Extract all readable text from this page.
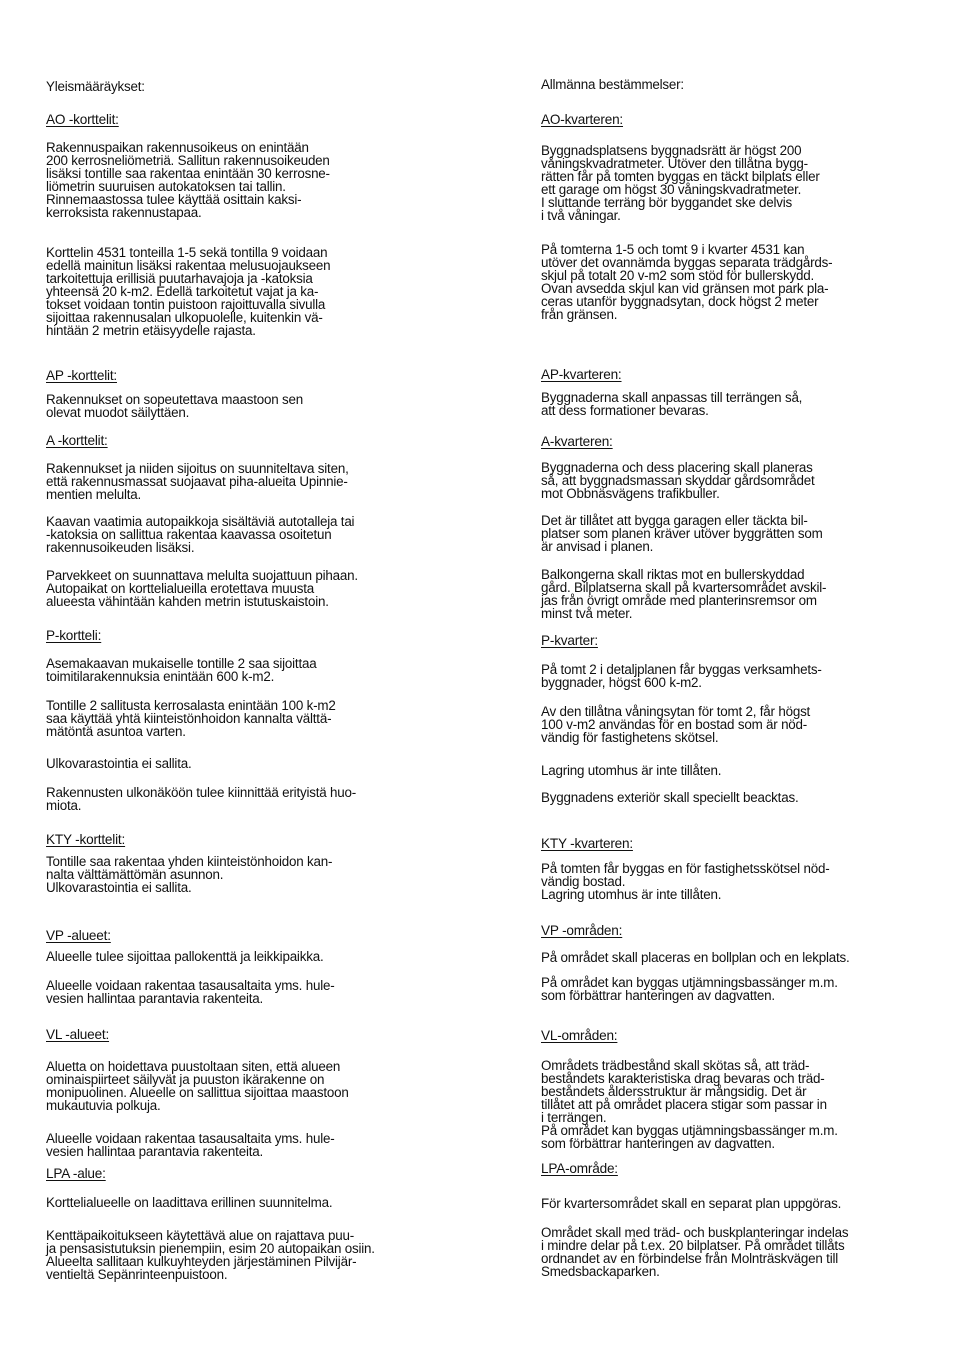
Yleismääräykset:

AO -korttelit:

Rakennuspaikan rakennusoikeus on enintään
200 kerrosneliömetriä. Sallitun rakennusoikeuden
lisäksi tontille saa rakentaa enintään 30 kerrosne-
liömetrin suuruisen autokatoksen tai tallin.
Rinnemaastossa tulee käyttää osittain kaksi-
kerroksista rakennustapaa.

Korttelin 4531 tonteilla 1-5 sekä tontilla 9 voidaan
edellä mainitun lisäksi rakentaa melusuojaukseen
tarkoitettuja erillisiä puutarhavajoja ja -katoksia
yhteensä 20 k-m2. Edellä tarkoitetut vajat ja ka-
tokset voidaan tontin puistoon rajoittuvalla sivulla
sijoittaa rakennusalan ulkopuolelle, kuitenkin vä-
hintään 2 metrin etäisyydelle rajasta.

AP -korttelit:

Rakennukset on sopeutettava maastoon sen
olevat muodot säilyttäen.

A -korttelit:

Rakennukset ja niiden sijoitus on suunniteltava siten,
että rakennusmassat suojaavat piha-alueita Upinnie-
mentien melulta.

Kaavan vaatimia autopaikkoja sisältäviä autotalleja tai
-katoksia on sallittua rakentaa kaavassa osoitetun
rakennusoikeuden lisäksi.

Parvekkeet on suunnattava melulta suojattuun pihaan.
Autopaikat on korttelialueilla erotettava muusta
alueesta vähintään kahden metrin istutuskaistoin.

P-kortteli:

Asemakaavan mukaiselle tontille 2 saa sijoittaa
toimitilarakennuksia enintään 600 k-m2.

Tontille 2 sallitusta kerrosalasta enintään 100 k-m2
saa käyttää yhtä kiinteistönhoidon kannalta välttä-
mätöntä asuntoa varten.

Ulkovarastointia ei sallita.

Rakennusten ulkonäköön tulee kiinnittää erityistä huo-
miota.

KTY -korttelit:

Tontille saa rakentaa yhden kiinteistönhoidon kan-
nalta välttämättömän asunnon.
Ulkovarastointia ei sallita.

VP -alueet:

Alueelle tulee sijoittaa pallokenttä ja leikkipaikka.

Alueelle voidaan rakentaa tasausaltaita yms. hule-
vesien hallintaa parantavia rakenteita.

VL -alueet:

Aluetta on hoidettava puustoltaan siten, että alueen
ominaispiirteet säilyvät ja puuston ikärakenne on
monipuolinen. Alueelle on sallittua sijoittaa maastoon
mukautuvia polkuja.

Alueelle voidaan rakentaa tasausaltaita yms. hule-
vesien hallintaa parantavia rakenteita.

LPA -alue:

Korttelialueelle on laadittava erillinen suunnitelma.

Kenttäpaikoitukseen käytettävä alue on rajattava puu-
ja pensasistutuksin pienempiin, esim 20 autopaikan osiin.
Alueelta sallitaan kulkuyhteyden järjestäminen Pilvijär-
ventieltä Sepänrinteenpuistoon.

Allmänna bestämmelser:

AO-kvarteren:

Byggnadsplatsens byggnadsrätt är högst 200
våningskvadratmeter. Utöver den tillåtna bygg-
rätten får på tomten byggas en täckt bilplats eller
ett garage om högst 30 våningskvadratmeter.
I sluttande terräng bör byggandet ske delvis
i två våningar.

På tomterna 1-5 och tomt 9 i kvarter 4531 kan
utöver det ovannämda byggas separata trädgårds-
skjul på totalt 20 v-m2 som stöd för bullerskydd.
Ovan avsedda skjul kan vid gränsen mot park pla-
ceras utanför byggnadsytan, dock högst 2 meter
från gränsen.

AP-kvarteren:

Byggnaderna skall anpassas till terrängen så,
att dess formationer bevaras.

A-kvarteren:

Byggnaderna och dess placering skall planeras
så, att byggnadsmassan skyddar gårdsområdet
mot Obbnäsvägens trafikbuller.

Det är tillåtet att bygga garagen eller täckta bil-
platser som planen kräver utöver byggrätten som
är anvisad i planen.

Balkongerna skall riktas mot en bullerskyddad
gård. Bilplatserna skall på kvartersområdet avskil-
jas från övrigt område med planterinsremsor om
minst två meter.

P-kvarter:

På tomt 2 i detaljplanen får byggas verksamhets-
byggnader, högst 600 k-m2.

Av den tillåtna våningsytan för tomt 2, får högst
100 v-m2 användas för en bostad som är nöd-
vändig för fastighetens skötsel.

Lagring utomhus är inte tillåten.

Byggnadens exteriör skall speciellt beacktas.

KTY -kvarteren:

På tomten får byggas en för fastighetsskötsel nöd-
vändig bostad.
Lagring utomhus är inte tillåten.

VP -områden:

På området skall placeras en bollplan och en lekplats.

På området kan byggas utjämningsbassänger m.m.
som förbättrar hanteringen av dagvatten.

VL-områden:

Områdets trädbestånd skall skötas så, att träd-
beståndets karakteristiska drag bevaras och träd-
beståndets åldersstruktur är mångsidig. Det är
tillåtet att på området placera stigar som passar in
i terrängen.
På området kan byggas utjämningsbassänger m.m.
som förbättrar hanteringen av dagvatten.

LPA-område:

För kvartersområdet skall en separat plan uppgöras.

Området skall med träd- och buskplanteringar indelas
i mindre delar på t.ex. 20 bilplatser. På området tillåts
ordnandet av en förbindelse från Molnträskvägen till
Smedsbackaparken.
